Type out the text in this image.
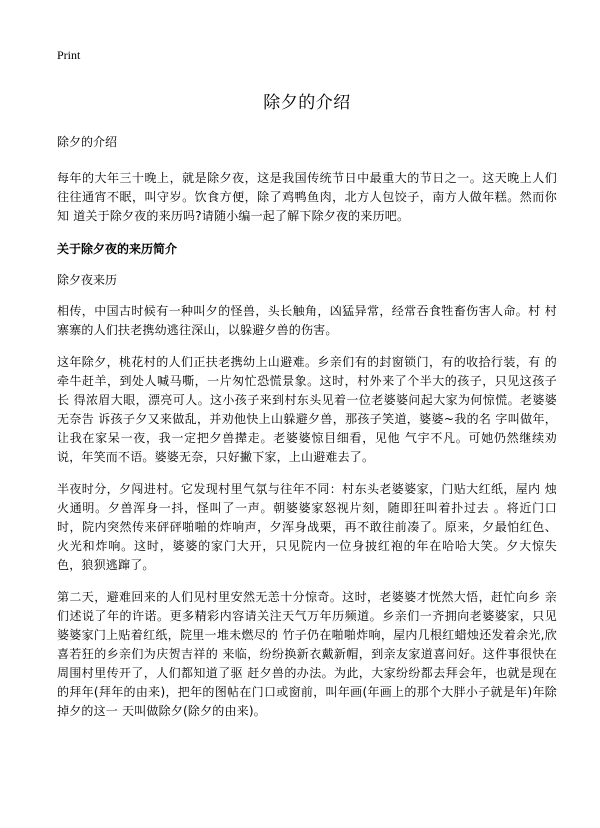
Print
除夕的介绍
除夕的介绍

每年的大年三十晚上，就是除夕夜，这是我国传统节日中最重大的节日之一。这天晚上人们往往通宵不眠，叫守岁。饮食方便，除了鸡鸭鱼肉，北方人包饺子，南方人做年糕。然而你知 道关于除夕夜的来历吗?请随小编一起了解下除夕夜的来历吧。

关于除夕夜的来历简介
除夕夜来历

相传，中国古时候有一种叫夕的怪兽，头长触角，凶猛异常，经常吞食牲畜伤害人命。村 村寨寨的人们扶老携幼逃往深山，以躲避夕兽的伤害。

这年除夕，桃花村的人们正扶老携幼上山避难。乡亲们有的封窗锁门，有的收拾行装，有 的牵牛赶羊，到处人喊马嘶，一片匆忙恐慌景象。这时，村外来了个半大的孩子，只见这孩子长 得浓眉大眼，漂亮可人。这小孩子来到村东头见着一位老婆婆问起大家为何惊慌。老婆婆无奈告 诉孩子夕又来做乱，并劝他快上山躲避夕兽，那孩子笑道，婆婆~我的名 字叫做年，让我在家呆一夜，我一定把夕兽撵走。老婆婆惊目细看，见他 气宇不凡。可她仍然继续劝说，年笑而不语。婆婆无奈，只好撇下家，上山避难去了。

半夜时分，夕闯进村。它发现村里气氛与往年不同：村东头老婆婆家，门贴大红纸，屋内 烛火通明。夕兽浑身一抖，怪叫了一声。朝婆婆家怒视片刻，随即狂叫着扑过去 。将近门口时，院内突然传来砰砰啪啪的炸响声，夕浑身战栗，再不敢往前凑了。原来，夕最怕红色、火光和炸响。这时，婆婆的家门大开，只见院内一位身披红袍的年在哈哈大笑。夕大惊失色，狼狈逃蹿了。

第二天，避难回来的人们见村里安然无恙十分惊奇。这时，老婆婆才恍然大悟，赶忙向乡 亲们述说了年的许诺。更多精彩内容请关注天气万年历频道。乡亲们一齐拥向老婆婆家，只见婆婆家门上贴着红纸，院里一堆未燃尽的 竹子仍在啪啪炸响，屋内几根红蜡烛还发着余光,欣喜若狂的乡亲们为庆贺吉祥的 来临，纷纷换新衣戴新帽，到亲友家道喜问好。这件事很快在周围村里传开了，人们都知道了驱 赶夕兽的办法。为此，大家纷纷都去拜会年，也就是现在的拜年(拜年的由来)，把年的图帖在门口或窗前，叫年画(年画上的那个大胖小子就是年)年除掉夕的这一 天叫做除夕(除夕的由来)。
